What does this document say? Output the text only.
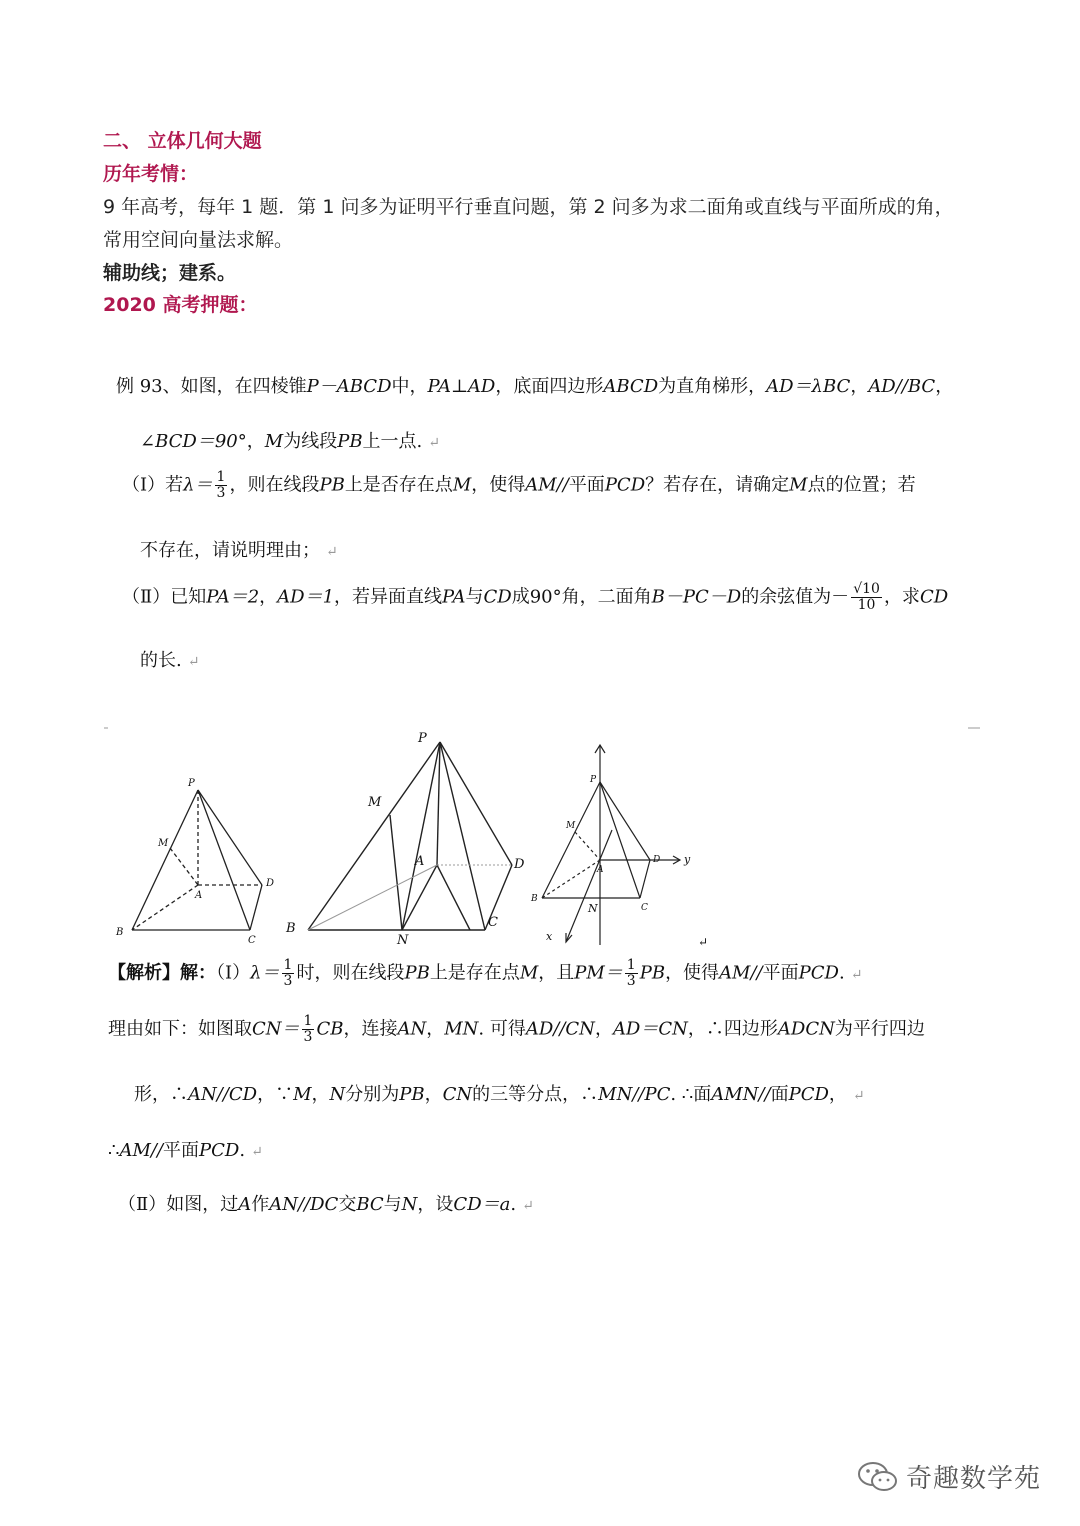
二、 立体几何大题
历年考情：
9 年高考，每年 1 题．第 1 问多为证明平行垂直问题，第 2 问多为求二面角或直线与平面所成的角，
常用空间向量法求解。
辅助线；建系。
2020 高考押题：
例 93、如图，在四棱锥P－ABCD中，PA⊥AD，底面四边形ABCD为直角梯形，AD＝λBC，AD//BC，
∠BCD＝90°，M为线段PB上一点. ↵
（Ⅰ）若$\lambda= \frac{1}{3}$ ，则在线段PB上是否存在点M，使得AM//平面PCD？若存在，请确定M点的位置；若
不存在，请说明理由； ↵
（Ⅱ）已知PA＝2，AD＝1，若异面直线PA与CD成90°角，二面角B－PC－D的余弦值为－ $\frac{√10}{10}$ ，求CD
的长. ↵
P
M
A
D
B
C
P
M
A	D
B	C
N
P
M
A
D
B
C
N
x
y
↵
【解析】解：（Ⅰ）λ＝ $\frac{1}{3}$ 时，则在线段PB上是存在点M，且$PM= \frac{1}{3}$ PB，使得AM//平面PCD. ↵
理由如下：如图取$CN= \frac{1}{3}$ CB，连接AN，MN. 可得AD//CN，AD＝CN，∴四边形ADCN为平行四边
形，∴AN//CD，∵M，N分别为PB，CN的三等分点，∴MN//PC. ∴面AMN//面PCD， ↵
∴AM//平面PCD. ↵
（Ⅱ）如图，过A作AN//DC交BC与N，设CD＝a. ↵
奇趣数学苑
